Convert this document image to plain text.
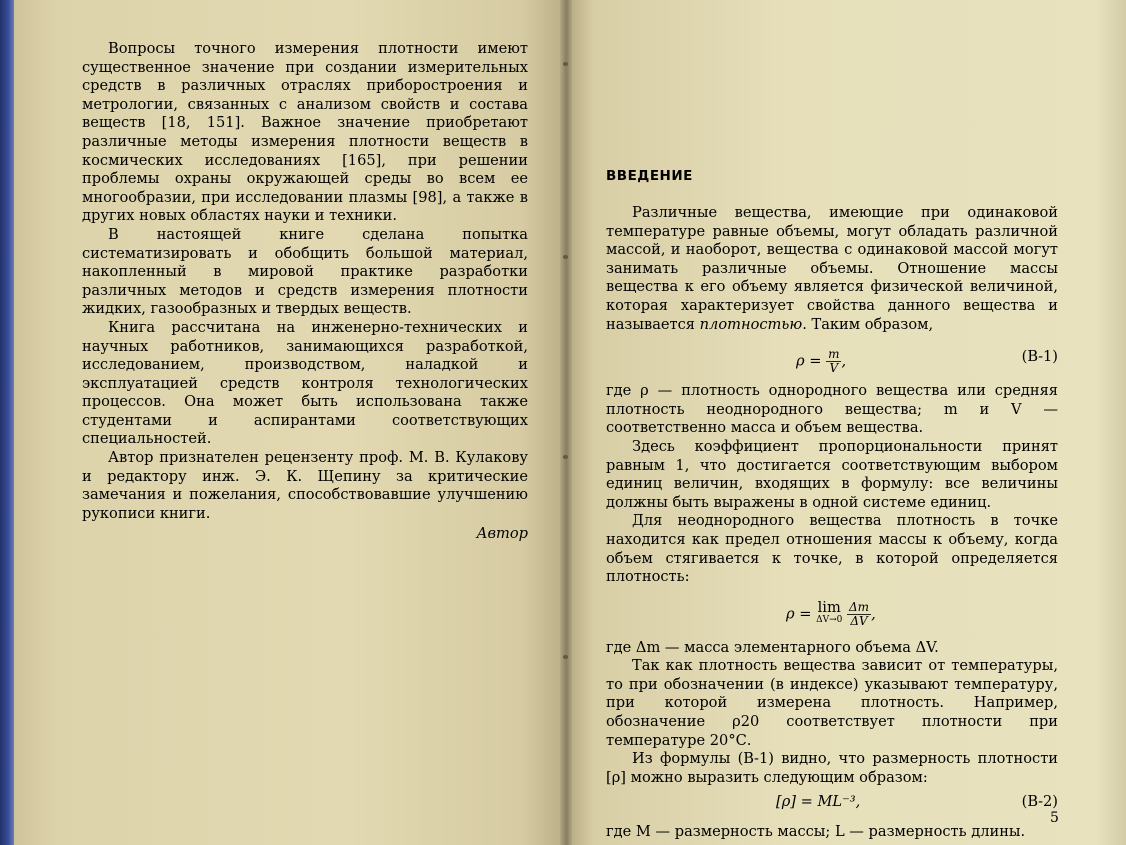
Вопросы точного измерения плотности имеют существенное значение при создании измерительных средств в различных отраслях приборостроения и метрологии, связанных с анализом свойств и состава веществ [18, 151]. Важное значение приобретают различные методы измерения плотности веществ в космических исследованиях [165], при решении проблемы охраны окружающей среды во всем ее многообразии, при исследовании плазмы [98], а также в других новых областях науки и техники.

В настоящей книге сделана попытка систематизировать и обобщить большой материал, накопленный в мировой практике разработки различных методов и средств измерения плотности жидких, газообразных и твердых веществ.

Книга рассчитана на инженерно-технических и научных работников, занимающихся разработкой, исследованием, производством, наладкой и эксплуатацией средств контроля технологических процессов. Она может быть использована также студентами и аспирантами соответствующих специальностей.

Автор признателен рецензенту проф. М. В. Кулакову и редактору инж. Э. К. Щепину за критические замечания и пожелания, способствовавшие улучшению рукописи книги.

Автор
ВВЕДЕНИЕ

Различные вещества, имеющие при одинаковой температуре равные объемы, могут обладать различной массой, и наоборот, вещества с одинаковой массой могут занимать различные объемы. Отношение массы вещества к его объему является физической величиной, которая характеризует свойства данного вещества и называется плотностью. Таким образом,

$\rho = \frac{m}{V}$ ,	(В-1)

где ρ — плотность однородного вещества или средняя плотность неоднородного вещества; m и V — соответственно масса и объем вещества.

Здесь коэффициент пропорциональности принят равным 1, что достигается соответствующим выбором единиц величин, входящих в формулу: все величины должны быть выражены в одной системе единиц.

Для неоднородного вещества плотность в точке находится как предел отношения массы к объему, когда объем стягивается к точке, в которой определяется плотность:

ρ = lim
ΔV→0
$\frac{\Delta m}{\Delta V}$ ,

где Δm — масса элементарного объема ΔV.

Так как плотность вещества зависит от температуры, то при обозначении (в индексе) указывают температуру, при которой измерена плотность. Например, обозначение ρ20 соответствует плотности при температуре 20°С.

Из формулы (В-1) видно, что размерность плотности [ρ] можно выразить следующим образом:

[ρ] = ML⁻³,	(В-2)

где M — размерность массы; L — размерность длины.

5
